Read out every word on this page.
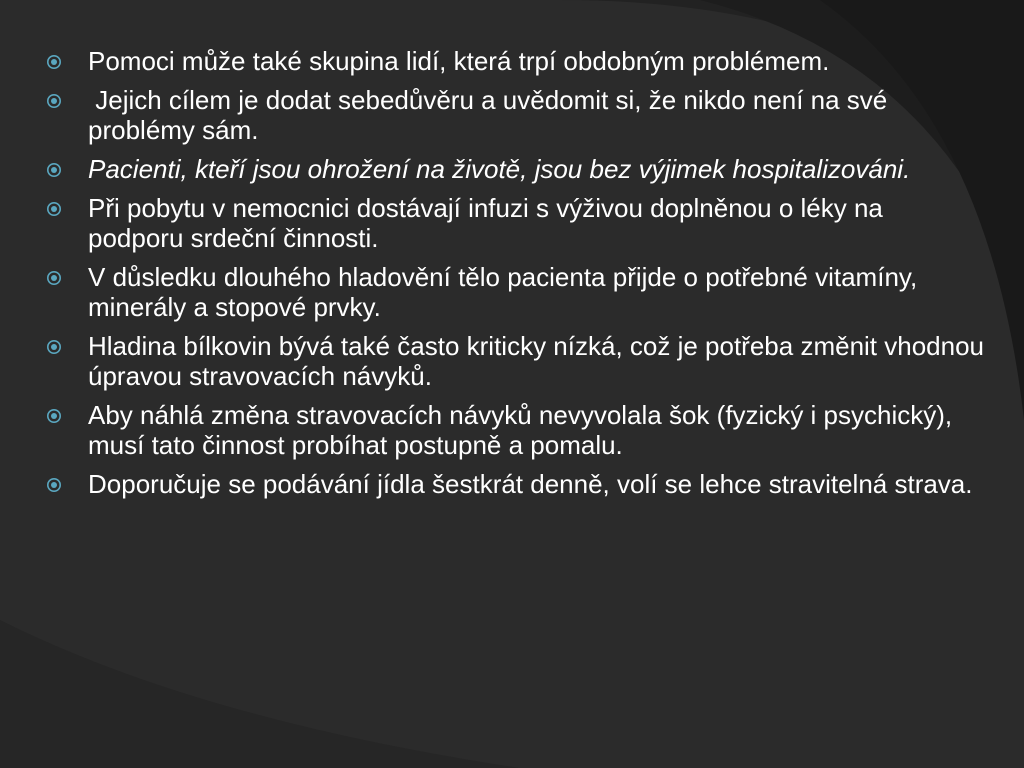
Pomoci může také skupina lidí, která trpí obdobným problémem.
Jejich cílem je dodat sebedůvěru a uvědomit si, že nikdo není na své problémy sám.
Pacienti, kteří jsou ohrožení na životě, jsou bez výjimek hospitalizováni.
Při pobytu v nemocnici dostávají infuzi s výživou doplněnou o léky na podporu srdeční činnosti.
V důsledku dlouhého hladovění tělo pacienta přijde o potřebné vitamíny, minerály a stopové prvky.
Hladina bílkovin bývá také často kriticky nízká, což je potřeba změnit vhodnou úpravou stravovacích návyků.
Aby náhlá změna stravovacích návyků nevyvolala šok (fyzický i psychický), musí tato činnost probíhat postupně a pomalu.
Doporučuje se podávání jídla šestkrát denně, volí se lehce stravitelná strava.
